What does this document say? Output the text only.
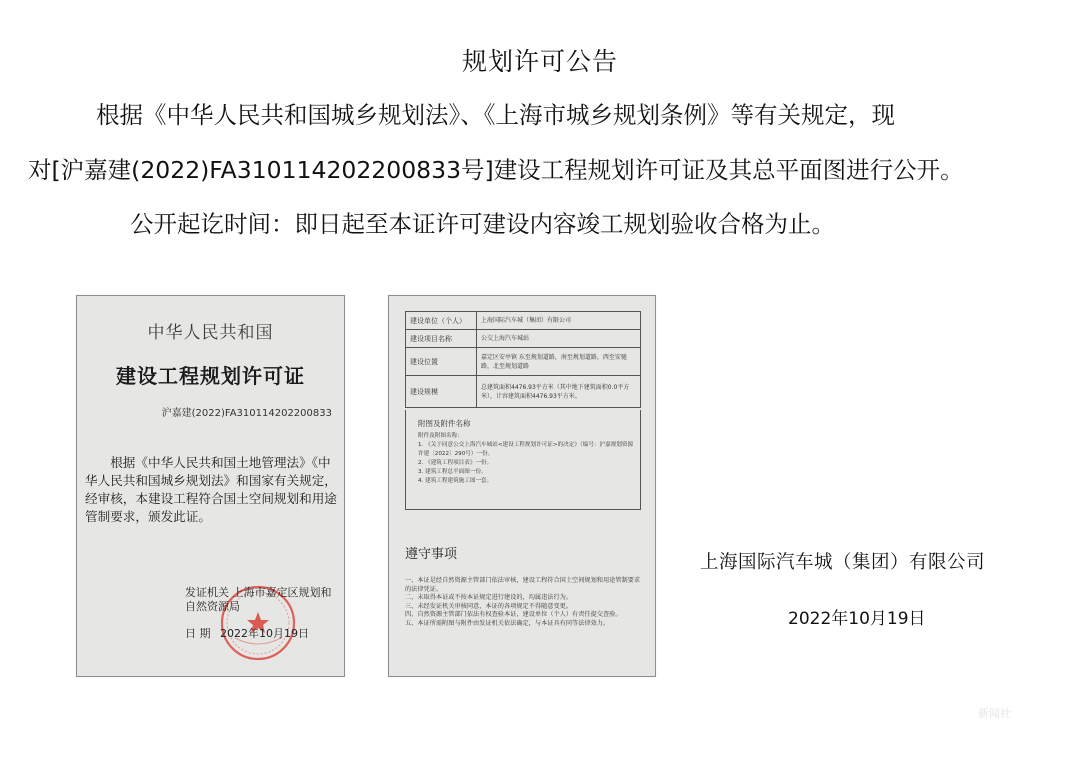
规划许可公告
根据《中华人民共和国城乡规划法》、《上海市城乡规划条例》等有关规定，现
对[沪嘉建(2022)FA310114202200833号]建设工程规划许可证及其总平面图进行公开。
公开起讫时间：即日起至本证许可建设内容竣工规划验收合格为止。
中华人民共和国
建设工程规划许可证
沪嘉建(2022)FA310114202200833
根据《中华人民共和国土地管理法》《中华人民共和国城乡规划法》和国家有关规定，经审核，本建设工程符合国土空间规划和用途管制要求，颁发此证。
发证机关 上海市嘉定区规划和自然资源局
日 期 2022年10月19日
建设单位（个人）	上海国际汽车城（集团）有限公司
建设项目名称	公交上海汽车城站
建设位置	嘉定区安亭镇 东至规划道路，南至规划道路，西至安驰路，北至规划道路
建设规模	总建筑面积4476.93平方米（其中地下建筑面积0.0平方米），计容建筑面积4476.93平方米。
附图及附件名称
附件及附图名称：
1. 《关于同意公交上海汽车城站<建设工程规划许可证>的决定》（编号：沪嘉规划资源许建〔2022〕290号）一份。
2. 《建筑工程项目表》一份。
3. 建筑工程总平面图一份。
4. 建筑工程建筑施工图一套。
遵守事项
一、本证是经自然资源主管部门依法审核，建设工程符合国土空间规划和用途管制要求的法律凭证。
二、未取得本证或不按本证规定进行建设的，均属违法行为。
三、未经发证机关审核同意，本证的各项规定不得随意变更。
四、自然资源主管部门依法有权查验本证，建设单位（个人）有责任提交查验。
五、本证所需附图与附件由发证机关依法确定，与本证具有同等法律效力。
上海国际汽车城（集团）有限公司
2022年10月19日
新闻社
